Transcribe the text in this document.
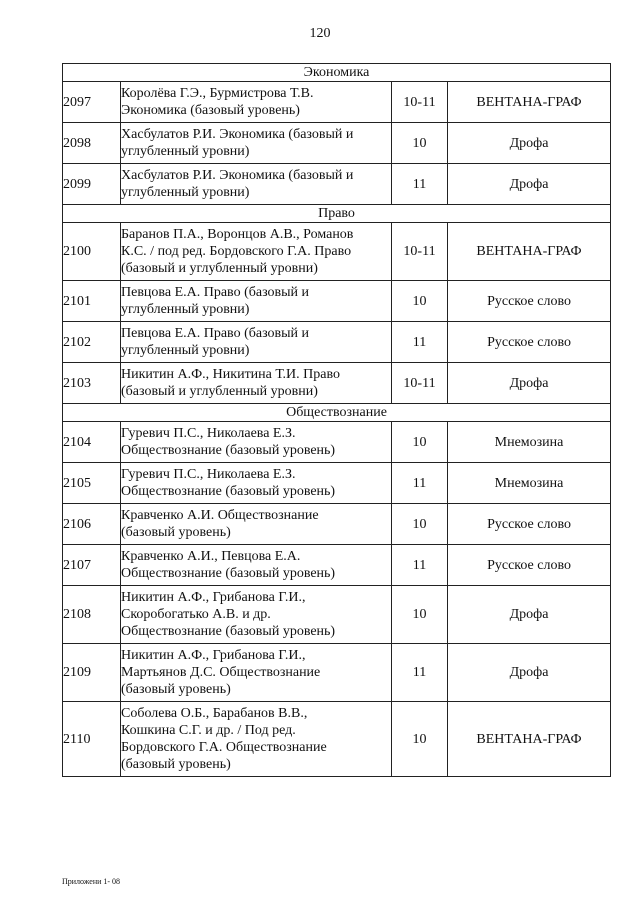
120
Экономика			
2097	Королёва Г.Э., Бурмистрова Т.В.
Экономика (базовый уровень)	10-11	ВЕНТАНА-ГРАФ
2098	Хасбулатов Р.И. Экономика (базовый и
углубленный уровни)	10	Дрофа
2099	Хасбулатов Р.И. Экономика (базовый и
углубленный уровни)	11	Дрофа
Право			
2100	Баранов П.А., Воронцов А.В., Романов
К.С. / под ред. Бордовского Г.А. Право
(базовый и углубленный уровни)	10-11	ВЕНТАНА-ГРАФ
2101	Певцова Е.А. Право (базовый и
углубленный уровни)	10	Русское слово
2102	Певцова Е.А. Право (базовый и
углубленный уровни)	11	Русское слово
2103	Никитин А.Ф., Никитина Т.И. Право
(базовый и углубленный уровни)	10-11	Дрофа
Обществознание			
2104	Гуревич П.С., Николаева Е.З.
Обществознание (базовый уровень)	10	Мнемозина
2105	Гуревич П.С., Николаева Е.З.
Обществознание (базовый уровень)	11	Мнемозина
2106	Кравченко А.И. Обществознание
(базовый уровень)	10	Русское слово
2107	Кравченко А.И., Певцова Е.А.
Обществознание (базовый уровень)	11	Русское слово
2108	Никитин А.Ф., Грибанова Г.И.,
Скоробогатько А.В. и др.
Обществознание (базовый уровень)	10	Дрофа
2109	Никитин А.Ф., Грибанова Г.И.,
Мартьянов Д.С. Обществознание
(базовый уровень)	11	Дрофа
2110	Соболева О.Б., Барабанов В.В.,
Кошкина С.Г. и др. / Под ред.
Бордовского Г.А. Обществознание
(базовый уровень)	10	ВЕНТАНА-ГРАФ
Приложени 1- 08
